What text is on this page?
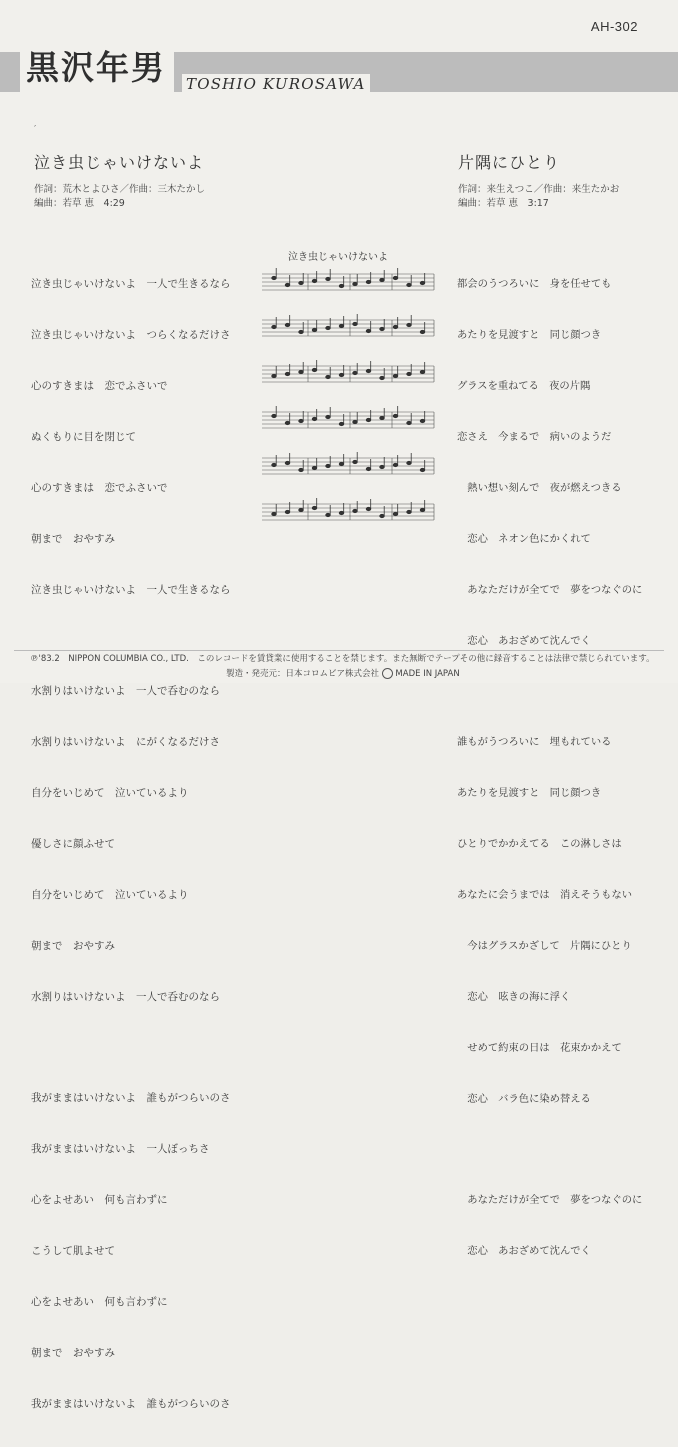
AH-302
黒沢年男	TOSHIO KUROSAWA
′
泣き虫じゃいけないよ
作詞：荒木とよひさ／作曲：三木たかし
編曲：若草 恵　4:29

泣き虫じゃいけないよ　一人で生きるなら

泣き虫じゃいけないよ　つらくなるだけさ

心のすきまは　恋でふさいで

ぬくもりに目を閉じて

心のすきまは　恋でふさいで

朝まで　おやすみ

泣き虫じゃいけないよ　一人で生きるなら

水割りはいけないよ　一人で呑むのなら

水割りはいけないよ　にがくなるだけさ

自分をいじめて　泣いているより

優しさに顔ふせて

自分をいじめて　泣いているより

朝まで　おやすみ

水割りはいけないよ　一人で呑むのなら

我がままはいけないよ　誰もがつらいのさ

我がままはいけないよ　一人ぼっちさ

心をよせあい　何も言わずに

こうして肌よせて

心をよせあい　何も言わずに

朝まで　おやすみ

我がままはいけないよ　誰もがつらいのさ

泣き虫じゃいけないよ
片隅にひとり
作詞：来生えつこ／作曲：来生たかお
編曲：若草 恵　3:17

都会のうつろいに　身を任せても

あたりを見渡すと　同じ顔つき

グラスを重ねてる　夜の片隅

恋さえ　今まるで　病いのようだ

　熱い想い刻んで　夜が燃えつきる

　恋心　ネオン色にかくれて

　あなただけが全てで　夢をつなぐのに

　恋心　あおざめて沈んでく

誰もがうつろいに　埋もれている

あたりを見渡すと　同じ顔つき

ひとりでかかえてる　この淋しさは

あなたに会うまでは　消えそうもない

　今はグラスかざして　片隅にひとり

　恋心　呟きの海に浮く

　せめて約束の日は　花束かかえて

　恋心　バラ色に染め替える

　あなただけが全てで　夢をつなぐのに

　恋心　あおざめて沈んでく

℗'83.2　NIPPON COLUMBIA CO., LTD.　このレコードを賃貸業に使用することを禁じます。また無断でテープその他に録音することは法律で禁じられています。
製造・発売元：日本コロムビア株式会社 MADE IN JAPAN
